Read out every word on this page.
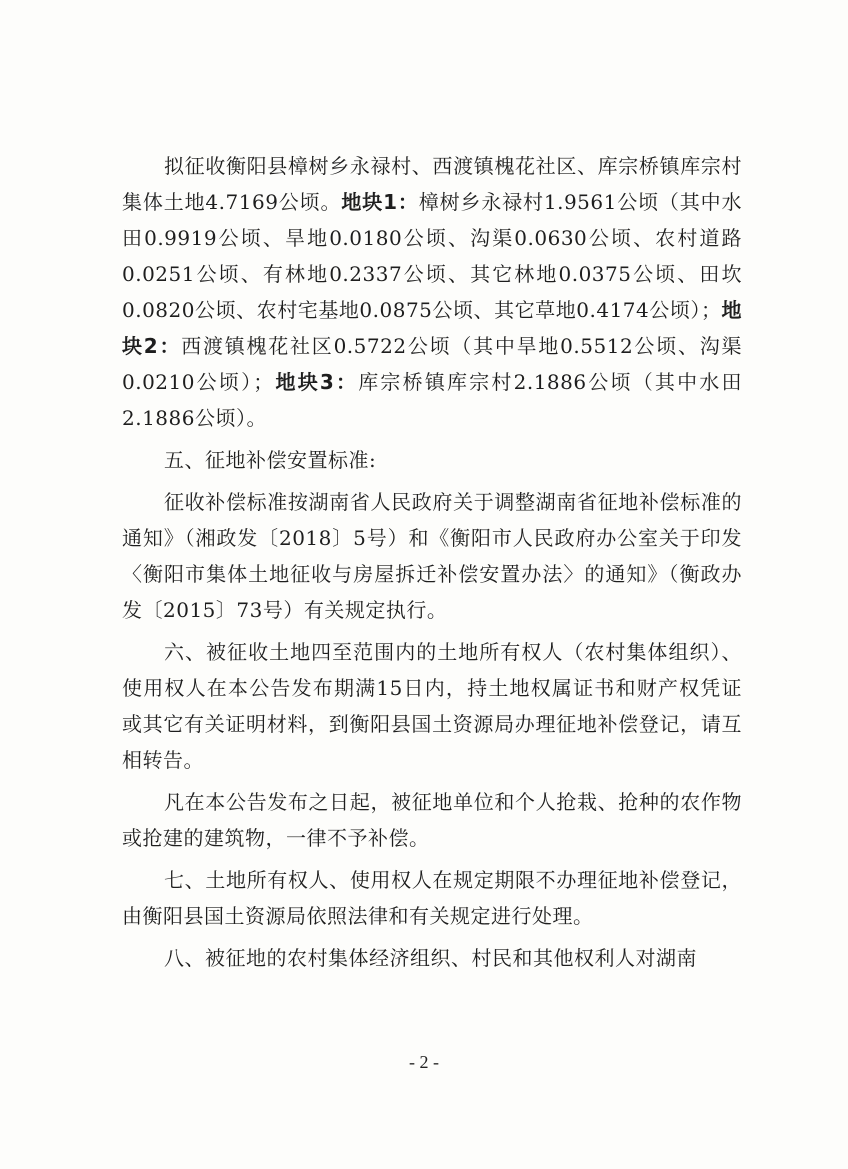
拟征收衡阳县樟树乡永禄村、西渡镇槐花社区、库宗桥镇库宗村集体土地4.7169公顷。地块1：樟树乡永禄村1.9561公顷（其中水田0.9919公顷、旱地0.0180公顷、沟渠0.0630公顷、农村道路0.0251公顷、有林地0.2337公顷、其它林地0.0375公顷、田坎0.0820公顷、农村宅基地0.0875公顷、其它草地0.4174公顷）；地块2：西渡镇槐花社区0.5722公顷（其中旱地0.5512公顷、沟渠0.0210公顷）；地块3：库宗桥镇库宗村2.1886公顷（其中水田2.1886公顷）。

五、征地补偿安置标准:

征收补偿标准按湖南省人民政府关于调整湖南省征地补偿标准的通知》（湘政发〔2018〕5号）和《衡阳市人民政府办公室关于印发〈衡阳市集体土地征收与房屋拆迁补偿安置办法〉的通知》（衡政办发〔2015〕73号）有关规定执行。

六、被征收土地四至范围内的土地所有权人（农村集体组织）、使用权人在本公告发布期满15日内，持土地权属证书和财产权凭证或其它有关证明材料，到衡阳县国土资源局办理征地补偿登记，请互相转告。

凡在本公告发布之日起，被征地单位和个人抢栽、抢种的农作物或抢建的建筑物，一律不予补偿。

七、土地所有权人、使用权人在规定期限不办理征地补偿登记，由衡阳县国土资源局依照法律和有关规定进行处理。

八、被征地的农村集体经济组织、村民和其他权利人对湖南

- 2 -
